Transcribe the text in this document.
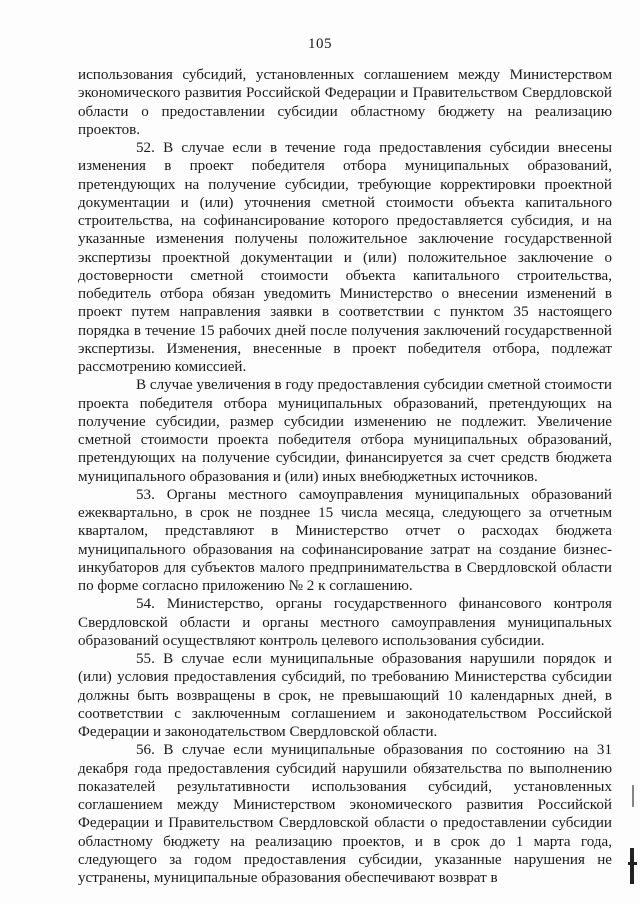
105

использования субсидий, установленных соглашением между Министерством экономического развития Российской Федерации и Правительством Свердловской области о предоставлении субсидии областному бюджету на реализацию проектов.

52. В случае если в течение года предоставления субсидии внесены изменения в проект победителя отбора муниципальных образований, претендующих на получение субсидии, требующие корректировки проектной документации и (или) уточнения сметной стоимости объекта капитального строительства, на софинансирование которого предоставляется субсидия, и на указанные изменения получены положительное заключение государственной экспертизы проектной документации и (или) положительное заключение о достоверности сметной стоимости объекта капитального строительства, победитель отбора обязан уведомить Министерство о внесении изменений в проект путем направления заявки в соответствии с пунктом 35 настоящего порядка в течение 15 рабочих дней после получения заключений государственной экспертизы. Изменения, внесенные в проект победителя отбора, подлежат рассмотрению комиссией.

В случае увеличения в году предоставления субсидии сметной стоимости проекта победителя отбора муниципальных образований, претендующих на получение субсидии, размер субсидии изменению не подлежит. Увеличение сметной стоимости проекта победителя отбора муниципальных образований, претендующих на получение субсидии, финансируется за счет средств бюджета муниципального образования и (или) иных внебюджетных источников.

53. Органы местного самоуправления муниципальных образований ежеквартально, в срок не позднее 15 числа месяца, следующего за отчетным кварталом, представляют в Министерство отчет о расходах бюджета муниципального образования на софинансирование затрат на создание бизнес-инкубаторов для субъектов малого предпринимательства в Свердловской области по форме согласно приложению № 2 к соглашению.

54. Министерство, органы государственного финансового контроля Свердловской области и органы местного самоуправления муниципальных образований осуществляют контроль целевого использования субсидии.

55. В случае если муниципальные образования нарушили порядок и (или) условия предоставления субсидий, по требованию Министерства субсидии должны быть возвращены в срок, не превышающий 10 календарных дней, в соответствии с заключенным соглашением и законодательством Российской Федерации и законодательством Свердловской области.

56. В случае если муниципальные образования по состоянию на 31 декабря года предоставления субсидий нарушили обязательства по выполнению показателей результативности использования субсидий, установленных соглашением между Министерством экономического развития Российской Федерации и Правительством Свердловской области о предоставлении субсидии областному бюджету на реализацию проектов, и в срок до 1 марта года, следующего за годом предоставления субсидии, указанные нарушения не устранены, муниципальные образования обеспечивают возврат в
